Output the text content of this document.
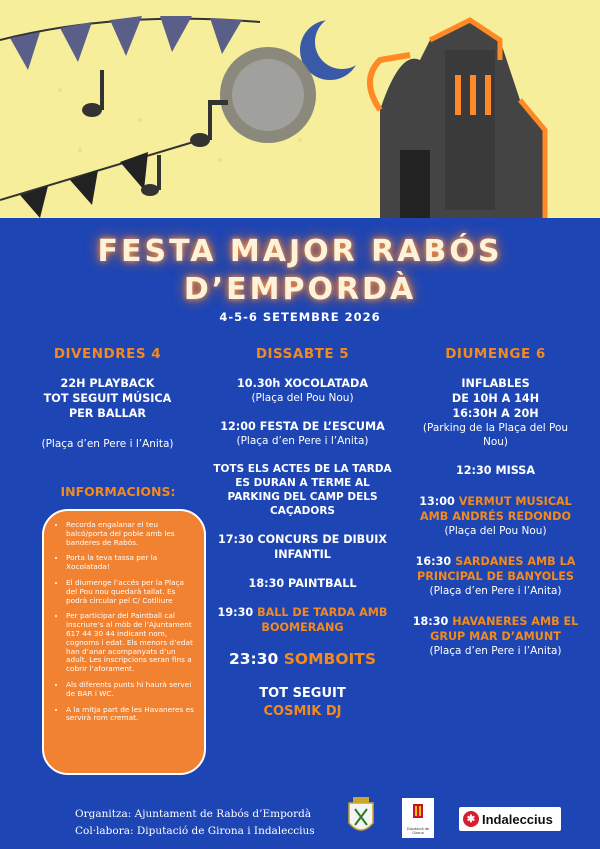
FESTA MAJOR RABÓS
D’EMPORDÀ
4-5-6 SETEMBRE 2026
DIVENDRES 4
22H PLAYBACK
TOT SEGUIT MÚSICA
PER BALLAR
(Plaça d’en Pere i l’Anita)
INFORMACIONS:
• Recorda engalanar el teu balcó/porta del poble amb les banderes de Rabós.
• Porta la teva tassa per la Xocolatada!
• El diumenge l’accés per la Plaça del Pou nou quedarà tallat. Es podrà circular pel C/ Cotlliure
• Per participar del Paintball cal inscriure’s al mòb de l’Ajuntament 617 44 30 44 indicant nom, cognoms i edat. Els menors d’edat han d’anar acompanyats d’un adult. Les inscripcions seran fins a cobrir l’aforament.
• Als diferents punts hi haurà servei de BAR i WC.
• A la mitja part de les Havaneres es servirà rom cremat.
DISSABTE 5
10.30h XOCOLATADA
(Plaça del Pou Nou)
12:00 FESTA DE L’ESCUMA
(Plaça d’en Pere i l’Anita)
TOTS ELS ACTES DE LA TARDA
ES DURAN A TERME AL
PARKING DEL CAMP DELS
CAÇADORS
17:30 CONCURS DE DIBUIX
INFANTIL
18:30 PAINTBALL
19:30 BALL DE TARDA AMB
BOOMERANG
23:30 SOMBOITS
TOT SEGUIT
COSMIK DJ
DIUMENGE 6
INFLABLES
DE 10H A 14H
16:30H A 20H
(Parking de la Plaça del Pou
Nou)
12:30 MISSA
13:00 VERMUT MUSICAL
AMB ANDRÉS REDONDO
(Plaça del Pou Nou)
16:30 SARDANES AMB LA
PRINCIPAL DE BANYOLES
(Plaça d’en Pere i l’Anita)
18:30 HAVANERES AMB EL
GRUP MAR D’AMUNT
(Plaça d’en Pere i l’Anita)
Organitza: Ajuntament de Rabós d’Empordà
Col·labora: Diputació de Girona i Indaleccius	Diputació de Girona
✱ Indaleccius
